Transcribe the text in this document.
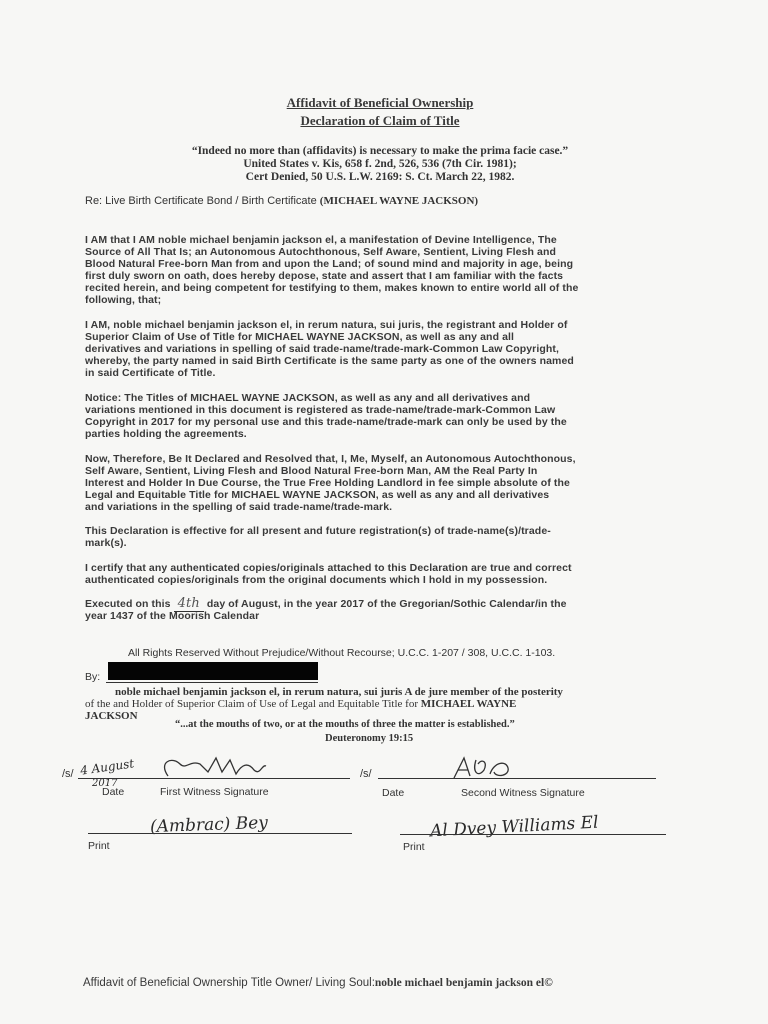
Affidavit of Beneficial Ownership
Declaration of Claim of Title
“Indeed no more than (affidavits) is necessary to make the prima facie case.”
United States v. Kis, 658 f. 2nd, 526, 536 (7th Cir. 1981);
Cert Denied, 50 U.S. L.W. 2169: S. Ct. March 22, 1982.
Re: Live Birth Certificate Bond / Birth Certificate (MICHAEL WAYNE JACKSON)
I AM that I AM noble michael benjamin jackson el, a manifestation of Devine Intelligence, The
Source of All That Is; an Autonomous Autochthonous, Self Aware, Sentient, Living Flesh and
Blood Natural Free-born Man from and upon the Land; of sound mind and majority in age, being
first duly sworn on oath, does hereby depose, state and assert that I am familiar with the facts
recited herein, and being competent for testifying to them, makes known to entire world all of the
following, that;
I AM, noble michael benjamin jackson el, in rerum natura, sui juris, the registrant and Holder of
Superior Claim of Use of Title for MICHAEL WAYNE JACKSON, as well as any and all
derivatives and variations in spelling of said trade-name/trade-mark-Common Law Copyright,
whereby, the party named in said Birth Certificate is the same party as one of the owners named
in said Certificate of Title.
Notice: The Titles of MICHAEL WAYNE JACKSON, as well as any and all derivatives and
variations mentioned in this document is registered as trade-name/trade-mark-Common Law
Copyright in 2017 for my personal use and this trade-name/trade-mark can only be used by the
parties holding the agreements.
Now, Therefore, Be It Declared and Resolved that, I, Me, Myself, an Autonomous Autochthonous,
Self Aware, Sentient, Living Flesh and Blood Natural Free-born Man, AM the Real Party In
Interest and Holder In Due Course, the True Free Holding Landlord in fee simple absolute of the
Legal and Equitable Title for MICHAEL WAYNE JACKSON, as well as any and all derivatives
and variations in the spelling of said trade-name/trade-mark.
This Declaration is effective for all present and future registration(s) of trade-name(s)/trade-
mark(s).
I certify that any authenticated copies/originals attached to this Declaration are true and correct
authenticated copies/originals from the original documents which I hold in my possession.
Executed on this 4th day of August, in the year 2017 of the Gregorian/Sothic Calendar/in the
year 1437 of the Moorish Calendar
All Rights Reserved Without Prejudice/Without Recourse; U.C.C. 1-207 / 308, U.C.C. 1-103.
By:
noble michael benjamin jackson el, in rerum natura, sui juris A de jure member of the posterity
of the and Holder of Superior Claim of Use of Legal and Equitable Title for MICHAEL WAYNE
JACKSON
“...at the mouths of two, or at the mouths of three the matter is established.”
Deuteronomy 19:15
/s/ 4 August
2017
Date	First Witness Signature
/s/
Date	Second Witness Signature
(Ambrac) Bey
Print
Al Dvey Williams El
Print
Affidavit of Beneficial Ownership Title Owner/ Living Soul:noble michael benjamin jackson el©
